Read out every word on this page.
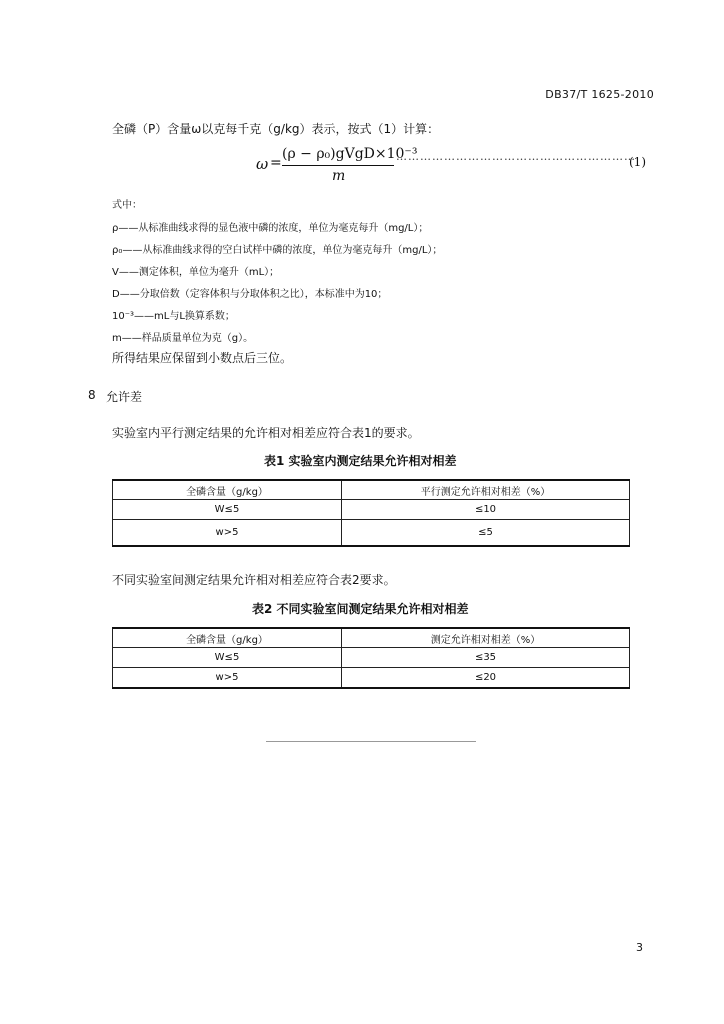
DB37/T 1625-2010
全磷（P）含量ω以克每千克（g/kg）表示，按式（1）计算：
ω =
(ρ − ρ₀)gVgD×10⁻³
m
……………………………………………………
(1)
式中：
ρ——从标准曲线求得的显色液中磷的浓度，单位为毫克每升（mg/L）；
ρ₀——从标准曲线求得的空白试样中磷的浓度，单位为毫克每升（mg/L）；
V——测定体积，单位为毫升（mL）；
D——分取倍数（定容体积与分取体积之比），本标准中为10；
10⁻³——mL与L换算系数；
m——样品质量单位为克（g）。
所得结果应保留到小数点后三位。
8 允许差
实验室内平行测定结果的允许相对相差应符合表1的要求。
表1 实验室内测定结果允许相对相差
全磷含量（g/kg）	平行测定允许相对相差（%）
W≤5	≤10
w>5	≤5
不同实验室间测定结果允许相对相差应符合表2要求。
表2 不同实验室间测定结果允许相对相差
全磷含量（g/kg）	测定允许相对相差（%）
W≤5	≤35
w>5	≤20
3
